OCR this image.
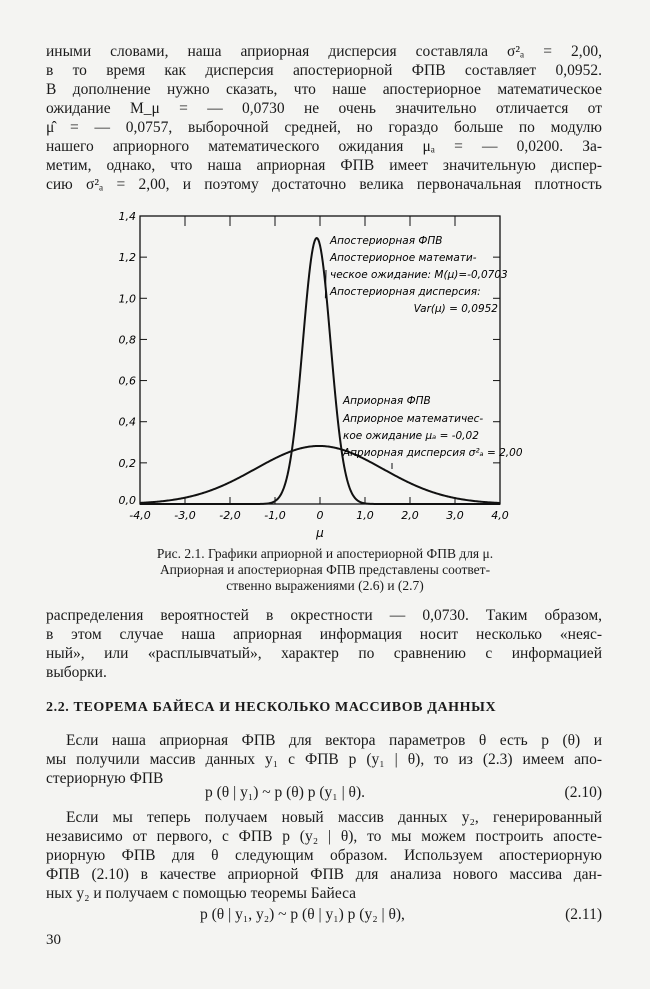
иными словами, наша априорная дисперсия составляла σ²ₐ = 2,00,
в то время как дисперсия апостериорной ФПВ составляет 0,0952.
В дополнение нужно сказать, что наше апостериорное математическое
ожидание M_μ = — 0,0730 не очень значительно отличается от
μ̂ = — 0,0757, выборочной средней, но гораздо больше по модулю
нашего априорного математического ожидания μₐ = — 0,0200. За-
метим, однако, что наша априорная ФПВ имеет значительную диспер-
сию σ²ₐ = 2,00, и поэтому достаточно велика первоначальная плотность
0,0
0,2
0,4
0,6
0,8
1,0
1,2
1,4
-4,0 -3,0 -2,0 -1,0	0	1,0	2,0	3,0	4,0
μ
Апостериорная ФПВ
Апостериорное математи-
ческое ожидание: M(μ)=-0,0703
Апостериорная дисперсия:
Var(μ) = 0,0952
Априорная ФПВ
Априорное математичес-
кое ожидание μₐ = -0,02
Априорная дисперсия σ²ₐ = 2,00
Рис. 2.1. Графики априорной и апостериорной ФПВ для μ.
Априорная и апостериорная ФПВ представлены соответ-
ственно выражениями (2.6) и (2.7)
распределения вероятностей в окрестности — 0,0730. Таким образом,
в этом случае наша априорная информация носит несколько «неяс-
ный», или «расплывчатый», характер по сравнению с информацией
выборки.
2.2. ТЕОРЕМА БАЙЕСА И НЕСКОЛЬКО МАССИВОВ ДАННЫХ
Если наша априорная ФПВ для вектора параметров θ есть p (θ) и
мы получили массив данных y₁ с ФПВ p (y₁ | θ), то из (2.3) имеем апо-
стериорную ФПВ
p (θ | y₁) ~ p (θ) p (y₁ | θ).	(2.10)
Если мы теперь получаем новый массив данных y₂, генерированный
независимо от первого, с ФПВ p (y₂ | θ), то мы можем построить апосте-
риорную ФПВ для θ следующим образом. Используем апостериорную
ФПВ (2.10) в качестве априорной ФПВ для анализа нового массива дан-
ных y₂ и получаем с помощью теоремы Байеса
p (θ | y₁, y₂) ~ p (θ | y₁) p (y₂ | θ),	(2.11)
30
